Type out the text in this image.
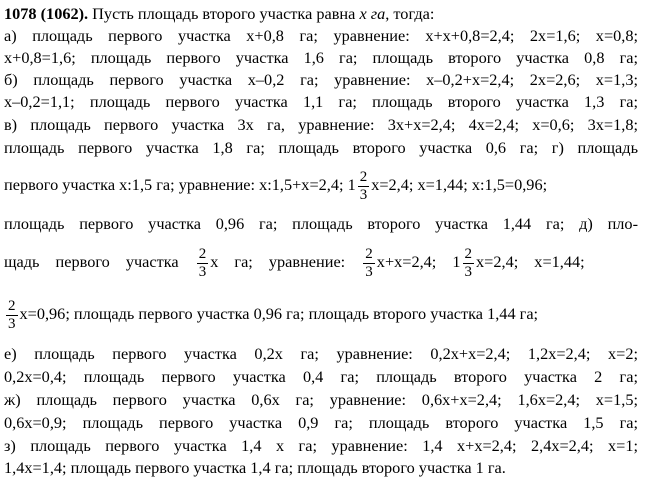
1078 (1062). Пусть площадь второго участка равна x га, тогда:
а) площадь первого участка x+0,8 га; уравнение: x+x+0,8=2,4; 2x=1,6; x=0,8;
x+0,8=1,6; площадь первого участка 1,6 га; площадь второго участка 0,8 га;
б) площадь первого участка x–0,2 га; уравнение: x–0,2+x=2,4; 2x=2,6; x=1,3;
x–0,2=1,1; площадь первого участка 1,1 га; площадь второго участка 1,3 га;
в) площадь первого участка 3x га, уравнение: 3x+x=2,4; 4x=2,4; x=0,6; 3x=1,8;
площадь первого участка 1,8 га; площадь второго участка 0,6 га; г) площадь
первого участка x:1,5 га; уравнение: x:1,5+x=2,4; $1 \frac{2}{3} x=2,4$; x=1,44; x:1,5=0,96;
площадь первого участка 0,96 га; площадь второго участка 1,44 га; д) пло-
щадь первого участка $\frac{2}{3}$ x га; уравнение: $\frac{2}{3} x+x=2,4$; $1 \frac{2}{3} x=2,4$; x=1,44;
$\frac{2}{3} x=0,96$; площадь первого участка 0,96 га; площадь второго участка 1,44 га;
е) площадь первого участка 0,2x га; уравнение: 0,2x+x=2,4; 1,2x=2,4; x=2;
0,2x=0,4; площадь первого участка 0,4 га; площадь второго участка 2 га;
ж) площадь первого участка 0,6x га; уравнение: 0,6x+x=2,4; 1,6x=2,4; x=1,5;
0,6x=0,9; площадь первого участка 0,9 га; площадь второго участка 1,5 га;
з) площадь первого участка 1,4 x га; уравнение: 1,4 x+x=2,4; 2,4x=2,4; x=1;
1,4x=1,4; площадь первого участка 1,4 га; площадь второго участка 1 га.
